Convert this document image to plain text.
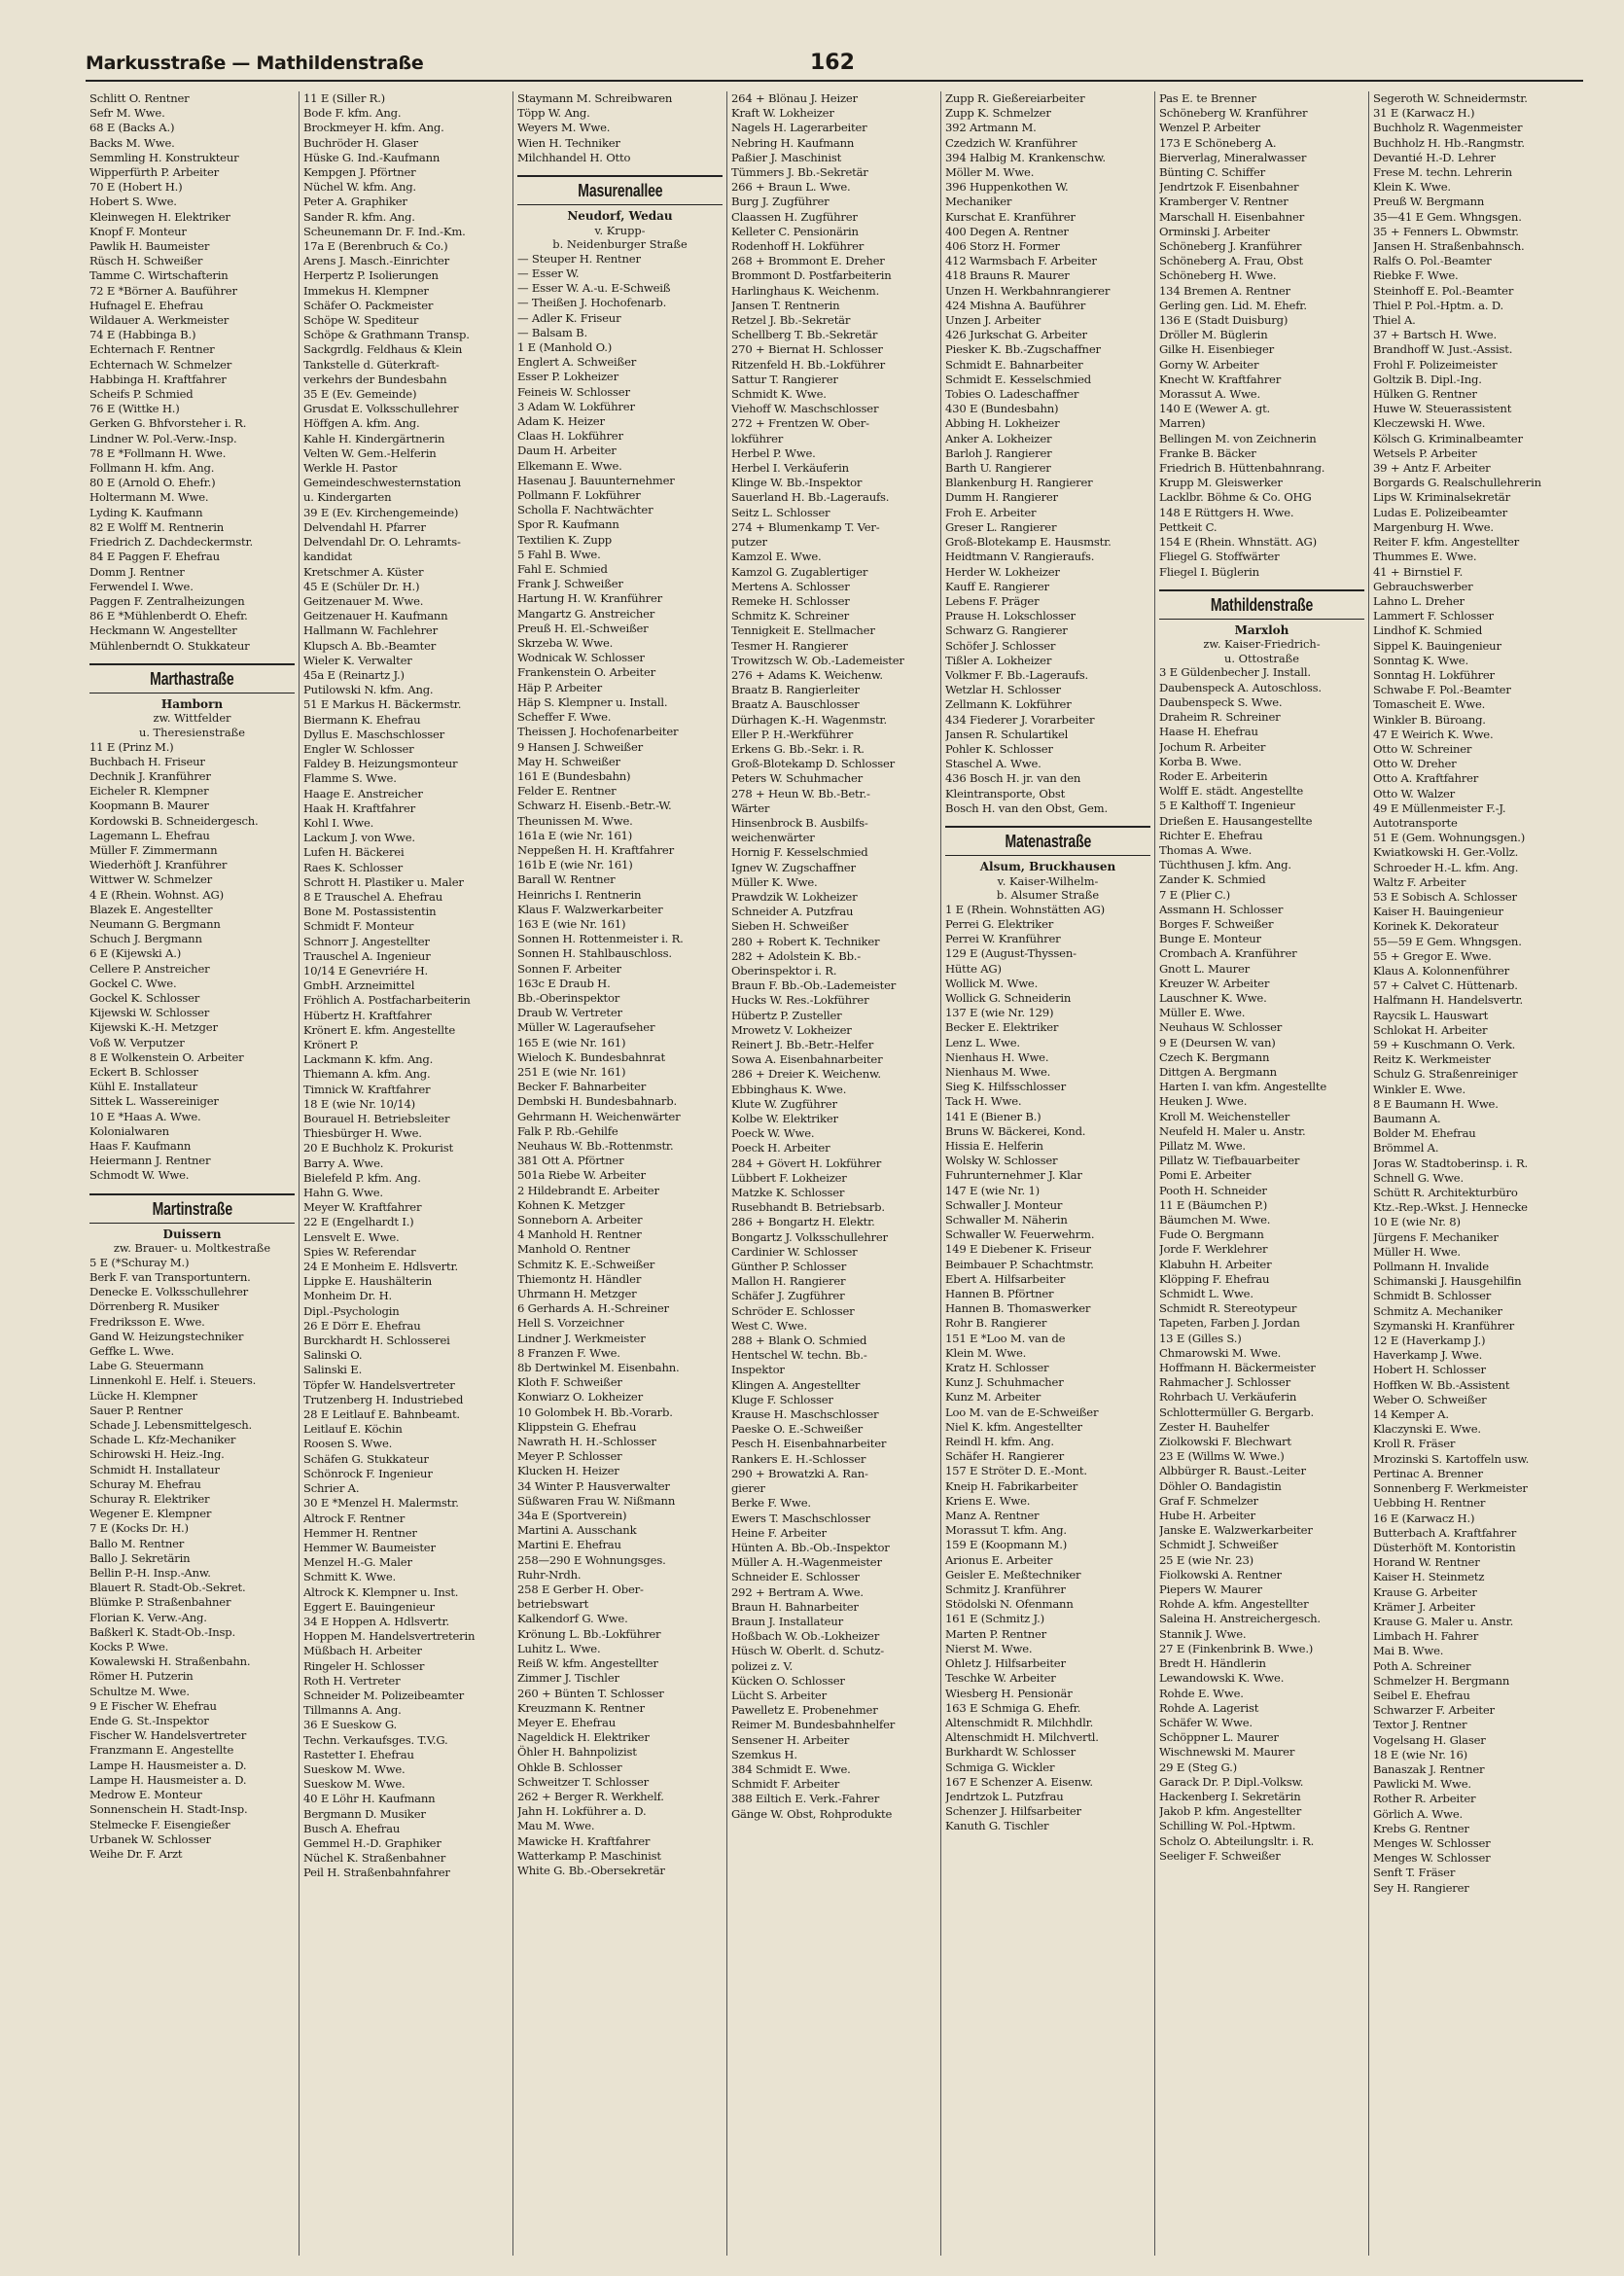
Markusstraße — Mathildenstraße	162
Schlitt O. Rentner
Sefr M. Wwe.
68 E (Backs A.)
Backs M. Wwe.
Semmling H. Konstrukteur
Wipperfürth P. Arbeiter
70 E (Hobert H.)
Hobert S. Wwe.
Kleinwegen H. Elektriker
Knopf F. Monteur
Pawlik H. Baumeister
Rüsch H. Schweißer
Tamme C. Wirtschafterin
72 E *Börner A. Bauführer
Hufnagel E. Ehefrau
Wildauer A. Werkmeister
74 E (Habbinga B.)
Echternach F. Rentner
Echternach W. Schmelzer
Habbinga H. Kraftfahrer
Scheifs P. Schmied
76 E (Wittke H.)
Gerken G. Bhfvorsteher i. R.
Lindner W. Pol.-Verw.-Insp.
78 E *Follmann H. Wwe.
Follmann H. kfm. Ang.
80 E (Arnold O. Ehefr.)
Holtermann M. Wwe.
Lyding K. Kaufmann
82 E Wolff M. Rentnerin
Friedrich Z. Dachdeckermstr.
84 E Paggen F. Ehefrau
Domm J. Rentner
Ferwendel I. Wwe.
Paggen F. Zentralheizungen
86 E *Mühlenberdt O. Ehefr.
Heckmann W. Angestellter
Mühlenberndt O. Stukkateur
Marthastraße
Hamborn
zw. Wittfelder
u. Theresienstraße
11 E (Prinz M.)
Buchbach H. Friseur
Dechnik J. Kranführer
Eicheler R. Klempner
Koopmann B. Maurer
Kordowski B. Schneidergesch.
Lagemann L. Ehefrau
Müller F. Zimmermann
Wiederhöft J. Kranführer
Wittwer W. Schmelzer
4 E (Rhein. Wohnst. AG)
Blazek E. Angestellter
Neumann G. Bergmann
Schuch J. Bergmann
6 E (Kijewski A.)
Cellere P. Anstreicher
Gockel C. Wwe.
Gockel K. Schlosser
Kijewski W. Schlosser
Kijewski K.-H. Metzger
Voß W. Verputzer
8 E Wolkenstein O. Arbeiter
Eckert B. Schlosser
Kühl E. Installateur
Sittek L. Wassereiniger
10 E *Haas A. Wwe.
Kolonialwaren
Haas F. Kaufmann
Heiermann J. Rentner
Schmodt W. Wwe.
Martinstraße
Duissern
zw. Brauer- u. Moltkestraße
5 E (*Schuray M.)
Berk F. van Transportuntern.
Denecke E. Volksschullehrer
Dörrenberg R. Musiker
Fredriksson E. Wwe.
Gand W. Heizungstechniker
Geffke L. Wwe.
Labe G. Steuermann
Linnenkohl E. Helf. i. Steuers.
Lücke H. Klempner
Sauer P. Rentner
Schade J. Lebensmittelgesch.
Schade L. Kfz-Mechaniker
Schirowski H. Heiz.-Ing.
Schmidt H. Installateur
Schuray M. Ehefrau
Schuray R. Elektriker
Wegener E. Klempner
7 E (Kocks Dr. H.)
Ballo M. Rentner
Ballo J. Sekretärin
Bellin P.-H. Insp.-Anw.
Blauert R. Stadt-Ob.-Sekret.
Blümke P. Straßenbahner
Florian K. Verw.-Ang.
Baßkerl K. Stadt-Ob.-Insp.
Kocks P. Wwe.
Kowalewski H. Straßenbahn.
Römer H. Putzerin
Schultze M. Wwe.
9 E Fischer W. Ehefrau
Ende G. St.-Inspektor
Fischer W. Handelsvertreter
Franzmann E. Angestellte
Lampe H. Hausmeister a. D.
Lampe H. Hausmeister a. D.
Medrow E. Monteur
Sonnenschein H. Stadt-Insp.
Stelmecke F. Eisengießer
Urbanek W. Schlosser
Weihe Dr. F. Arzt
11 E (Siller R.)
Bode F. kfm. Ang.
Brockmeyer H. kfm. Ang.
Buchröder H. Glaser
Hüske G. Ind.-Kaufmann
Kempgen J. Pförtner
Nüchel W. kfm. Ang.
Peter A. Graphiker
Sander R. kfm. Ang.
Scheunemann Dr. F. Ind.-Km.
17a E (Berenbruch & Co.)
Arens J. Masch.-Einrichter
Herpertz P. Isolierungen
Immekus H. Klempner
Schäfer O. Packmeister
Schöpe W. Spediteur
Schöpe & Grathmann Transp.
Sackgrdlg. Feldhaus & Klein
Tankstelle d. Güterkraft-
verkehrs der Bundesbahn
35 E (Ev. Gemeinde)
Grusdat E. Volksschullehrer
Höffgen A. kfm. Ang.
Kahle H. Kindergärtnerin
Velten W. Gem.-Helferin
Werkle H. Pastor
Gemeindeschwesternstation
u. Kindergarten
39 E (Ev. Kirchengemeinde)
Delvendahl H. Pfarrer
Delvendahl Dr. O. Lehramts-
kandidat
Kretschmer A. Küster
45 E (Schüler Dr. H.)
Geitzenauer M. Wwe.
Geitzenauer H. Kaufmann
Hallmann W. Fachlehrer
Klupsch A. Bb.-Beamter
Wieler K. Verwalter
45a E (Reinartz J.)
Putilowski N. kfm. Ang.
51 E Markus H. Bäckermstr.
Biermann K. Ehefrau
Dyllus E. Maschschlosser
Engler W. Schlosser
Faldey B. Heizungsmonteur
Flamme S. Wwe.
Haage E. Anstreicher
Haak H. Kraftfahrer
Kohl I. Wwe.
Lackum J. von Wwe.
Lufen H. Bäckerei
Raes K. Schlosser
Schrott H. Plastiker u. Maler
8 E Trauschel A. Ehefrau
Bone M. Postassistentin
Schmidt F. Monteur
Schnorr J. Angestellter
Trauschel A. Ingenieur
10/14 E Genevriére H.
GmbH. Arzneimittel
Fröhlich A. Postfacharbeiterin
Hübertz H. Kraftfahrer
Krönert E. kfm. Angestellte
Krönert P.
Lackmann K. kfm. Ang.
Thiemann A. kfm. Ang.
Timnick W. Kraftfahrer
18 E (wie Nr. 10/14)
Bourauel H. Betriebsleiter
Thiesbürger H. Wwe.
20 E Buchholz K. Prokurist
Barry A. Wwe.
Bielefeld P. kfm. Ang.
Hahn G. Wwe.
Meyer W. Kraftfahrer
22 E (Engelhardt I.)
Lensvelt E. Wwe.
Spies W. Referendar
24 E Monheim E. Hdlsvertr.
Lippke E. Haushälterin
Monheim Dr. H.
Dipl.-Psychologin
26 E Dörr E. Ehefrau
Burckhardt H. Schlosserei
Salinski O.
Salinski E.
Töpfer W. Handelsvertreter
Trutzenberg H. Industriebed
28 E Leitlauf E. Bahnbeamt.
Leitlauf E. Köchin
Roosen S. Wwe.
Schäfen G. Stukkateur
Schönrock F. Ingenieur
Schrier A.
30 E *Menzel H. Malermstr.
Altrock F. Rentner
Hemmer H. Rentner
Hemmer W. Baumeister
Menzel H.-G. Maler
Schmitt K. Wwe.
Altrock K. Klempner u. Inst.
Eggert E. Bauingenieur
34 E Hoppen A. Hdlsvertr.
Hoppen M. Handelsvertreterin
Müßbach H. Arbeiter
Ringeler H. Schlosser
Roth H. Vertreter
Schneider M. Polizeibeamter
Tillmanns A. Ang.
36 E Sueskow G.
Techn. Verkaufsges. T.V.G.
Rastetter I. Ehefrau
Sueskow M. Wwe.
Sueskow M. Wwe.
40 E Löhr H. Kaufmann
Bergmann D. Musiker
Busch A. Ehefrau
Gemmel H.-D. Graphiker
Nüchel K. Straßenbahner
Peil H. Straßenbahnfahrer
Staymann M. Schreibwaren
Töpp W. Ang.
Weyers M. Wwe.
Wien H. Techniker
Milchhandel H. Otto
Masurenallee
Neudorf, Wedau
v. Krupp-
b. Neidenburger Straße
— Steuper H. Rentner
— Esser W.
— Esser W. A.-u. E-Schweiß
— Theißen J. Hochofenarb.
— Adler K. Friseur
— Balsam B.
1 E (Manhold O.)
Englert A. Schweißer
Esser P. Lokheizer
Feineis W. Schlosser
3 Adam W. Lokführer
Adam K. Heizer
Claas H. Lokführer
Daum H. Arbeiter
Elkemann E. Wwe.
Hasenau J. Bauunternehmer
Pollmann F. Lokführer
Scholla F. Nachtwächter
Spor R. Kaufmann
Textilien K. Zupp
5 Fahl B. Wwe.
Fahl E. Schmied
Frank J. Schweißer
Hartung H. W. Kranführer
Mangartz G. Anstreicher
Preuß H. El.-Schweißer
Skrzeba W. Wwe.
Wodnicak W. Schlosser
Frankenstein O. Arbeiter
Häp P. Arbeiter
Häp S. Klempner u. Install.
Scheffer F. Wwe.
Theissen J. Hochofenarbeiter
9 Hansen J. Schweißer
May H. Schweißer
161 E (Bundesbahn)
Felder E. Rentner
Schwarz H. Eisenb.-Betr.-W.
Theunissen M. Wwe.
161a E (wie Nr. 161)
Neppeßen H. H. Kraftfahrer
161b E (wie Nr. 161)
Barall W. Rentner
Heinrichs I. Rentnerin
Klaus F. Walzwerkarbeiter
163 E (wie Nr. 161)
Sonnen H. Rottenmeister i. R.
Sonnen H. Stahlbauschloss.
Sonnen F. Arbeiter
163c E Draub H.
Bb.-Oberinspektor
Draub W. Vertreter
Müller W. Lageraufseher
165 E (wie Nr. 161)
Wieloch K. Bundesbahnrat
251 E (wie Nr. 161)
Becker F. Bahnarbeiter
Dembski H. Bundesbahnarb.
Gehrmann H. Weichenwärter
Falk P. Rb.-Gehilfe
Neuhaus W. Bb.-Rottenmstr.
381 Ott A. Pförtner
501a Riebe W. Arbeiter
2 Hildebrandt E. Arbeiter
Kohnen K. Metzger
Sonneborn A. Arbeiter
4 Manhold H. Rentner
Manhold O. Rentner
Schmitz K. E.-Schweißer
Thiemontz H. Händler
Uhrmann H. Metzger
6 Gerhards A. H.-Schreiner
Hell S. Vorzeichner
Lindner J. Werkmeister
8 Franzen F. Wwe.
8b Dertwinkel M. Eisenbahn.
Kloth F. Schweißer
Konwiarz O. Lokheizer
10 Golombek H. Bb.-Vorarb.
Klippstein G. Ehefrau
Nawrath H. H.-Schlosser
Meyer P. Schlosser
Klucken H. Heizer
34 Winter P. Hausverwalter
Süßwaren Frau W. Nißmann
34a E (Sportverein)
Martini A. Ausschank
Martini E. Ehefrau
258—290 E Wohnungsges.
Ruhr-Nrdh.
258 E Gerber H. Ober-
betriebswart
Kalkendorf G. Wwe.
Krönung L. Bb.-Lokführer
Luhitz L. Wwe.
Reiß W. kfm. Angestellter
Zimmer J. Tischler
260 + Bünten T. Schlosser
Kreuzmann K. Rentner
Meyer E. Ehefrau
Nageldick H. Elektriker
Öhler H. Bahnpolizist
Ohkle B. Schlosser
Schweitzer T. Schlosser
262 + Berger R. Werkhelf.
Jahn H. Lokführer a. D.
Mau M. Wwe.
Mawicke H. Kraftfahrer
Watterkamp P. Maschinist
White G. Bb.-Obersekretär
264 + Blönau J. Heizer
Kraft W. Lokheizer
Nagels H. Lagerarbeiter
Nebring H. Kaufmann
Paßier J. Maschinist
Tümmers J. Bb.-Sekretär
266 + Braun L. Wwe.
Burg J. Zugführer
Claassen H. Zugführer
Kelleter C. Pensionärin
Rodenhoff H. Lokführer
268 + Brommont E. Dreher
Brommont D. Postfarbeiterin
Harlinghaus K. Weichenm.
Jansen T. Rentnerin
Retzel J. Bb.-Sekretär
Schellberg T. Bb.-Sekretär
270 + Biernat H. Schlosser
Ritzenfeld H. Bb.-Lokführer
Sattur T. Rangierer
Schmidt K. Wwe.
Viehoff W. Maschschlosser
272 + Frentzen W. Ober-
lokführer
Herbel P. Wwe.
Herbel I. Verkäuferin
Klinge W. Bb.-Inspektor
Sauerland H. Bb.-Lageraufs.
Seitz L. Schlosser
274 + Blumenkamp T. Ver-
putzer
Kamzol E. Wwe.
Kamzol G. Zugablertiger
Mertens A. Schlosser
Remeke H. Schlosser
Schmitz K. Schreiner
Tennigkeit E. Stellmacher
Tesmer H. Rangierer
Trowitzsch W. Ob.-Lademeister
276 + Adams K. Weichenw.
Braatz B. Rangierleiter
Braatz A. Bauschlosser
Dürhagen K.-H. Wagenmstr.
Eller P. H.-Werkführer
Erkens G. Bb.-Sekr. i. R.
Groß-Blotekamp D. Schlosser
Peters W. Schuhmacher
278 + Heun W. Bb.-Betr.-
Wärter
Hinsenbrock B. Ausbilfs-
weichenwärter
Hornig F. Kesselschmied
Ignev W. Zugschaffner
Müller K. Wwe.
Prawdzik W. Lokheizer
Schneider A. Putzfrau
Sieben H. Schweißer
280 + Robert K. Techniker
282 + Adolstein K. Bb.-
Oberinspektor i. R.
Braun F. Bb.-Ob.-Lademeister
Hucks W. Res.-Lokführer
Hübertz P. Zusteller
Mrowetz V. Lokheizer
Reinert J. Bb.-Betr.-Helfer
Sowa A. Eisenbahnarbeiter
286 + Dreier K. Weichenw.
Ebbinghaus K. Wwe.
Klute W. Zugführer
Kolbe W. Elektriker
Poeck W. Wwe.
Poeck H. Arbeiter
284 + Gövert H. Lokführer
Lübbert F. Lokheizer
Matzke K. Schlosser
Rusebhandt B. Betriebsarb.
286 + Bongartz H. Elektr.
Bongartz J. Volksschullehrer
Cardinier W. Schlosser
Günther P. Schlosser
Mallon H. Rangierer
Schäfer J. Zugführer
Schröder E. Schlosser
West C. Wwe.
288 + Blank O. Schmied
Hentschel W. techn. Bb.-
Inspektor
Klingen A. Angestellter
Kluge F. Schlosser
Krause H. Maschschlosser
Paeske O. E.-Schweißer
Pesch H. Eisenbahnarbeiter
Rankers E. H.-Schlosser
290 + Browatzki A. Ran-
gierer
Berke F. Wwe.
Ewers T. Maschschlosser
Heine F. Arbeiter
Hünten A. Bb.-Ob.-Inspektor
Müller A. H.-Wagenmeister
Schneider E. Schlosser
292 + Bertram A. Wwe.
Braun H. Bahnarbeiter
Braun J. Installateur
Hoßbach W. Ob.-Lokheizer
Hüsch W. Oberlt. d. Schutz-
polizei z. V.
Kücken O. Schlosser
Lücht S. Arbeiter
Pawelletz E. Probenehmer
Reimer M. Bundesbahnhelfer
Sensener H. Arbeiter
Szemkus H.
384 Schmidt E. Wwe.
Schmidt F. Arbeiter
388 Eiltich E. Verk.-Fahrer
Gänge W. Obst, Rohprodukte
Zupp R. Gießereiarbeiter
Zupp K. Schmelzer
392 Artmann M.
Czedzich W. Kranführer
394 Halbig M. Krankenschw.
Möller M. Wwe.
396 Huppenkothen W.
Mechaniker
Kurschat E. Kranführer
400 Degen A. Rentner
406 Storz H. Former
412 Warmsbach F. Arbeiter
418 Brauns R. Maurer
Unzen H. Werkbahnrangierer
424 Mishna A. Bauführer
Unzen J. Arbeiter
426 Jurkschat G. Arbeiter
Piesker K. Bb.-Zugschaffner
Schmidt E. Bahnarbeiter
Schmidt E. Kesselschmied
Tobies O. Ladeschaffner
430 E (Bundesbahn)
Abbing H. Lokheizer
Anker A. Lokheizer
Barloh J. Rangierer
Barth U. Rangierer
Blankenburg H. Rangierer
Dumm H. Rangierer
Froh E. Arbeiter
Greser L. Rangierer
Groß-Blotekamp E. Hausmstr.
Heidtmann V. Rangieraufs.
Herder W. Lokheizer
Kauff E. Rangierer
Lebens F. Präger
Prause H. Lokschlosser
Schwarz G. Rangierer
Schöfer J. Schlosser
Tißler A. Lokheizer
Volkmer F. Bb.-Lageraufs.
Wetzlar H. Schlosser
Zellmann K. Lokführer
434 Fiederer J. Vorarbeiter
Jansen R. Schulartikel
Pohler K. Schlosser
Staschel A. Wwe.
436 Bosch H. jr. van den
Kleintransporte, Obst
Bosch H. van den Obst, Gem.
Matenastraße
Alsum, Bruckhausen
v. Kaiser-Wilhelm-
b. Alsumer Straße
1 E (Rhein. Wohnstätten AG)
Perrei G. Elektriker
Perrei W. Kranführer
129 E (August-Thyssen-
Hütte AG)
Wollick M. Wwe.
Wollick G. Schneiderin
137 E (wie Nr. 129)
Becker E. Elektriker
Lenz L. Wwe.
Nienhaus H. Wwe.
Nienhaus M. Wwe.
Sieg K. Hilfsschlosser
Tack H. Wwe.
141 E (Biener B.)
Bruns W. Bäckerei, Kond.
Hissia E. Helferin
Wolsky W. Schlosser
Fuhrunternehmer J. Klar
147 E (wie Nr. 1)
Schwaller J. Monteur
Schwaller M. Näherin
Schwaller W. Feuerwehrm.
149 E Diebener K. Friseur
Beimbauer P. Schachtmstr.
Ebert A. Hilfsarbeiter
Hannen B. Pförtner
Hannen B. Thomaswerker
Rohr B. Rangierer
151 E *Loo M. van de
Klein M. Wwe.
Kratz H. Schlosser
Kunz J. Schuhmacher
Kunz M. Arbeiter
Loo M. van de E-Schweißer
Niel K. kfm. Angestellter
Reindl H. kfm. Ang.
Schäfer H. Rangierer
157 E Ströter D. E.-Mont.
Kneip H. Fabrikarbeiter
Kriens E. Wwe.
Manz A. Rentner
Morassut T. kfm. Ang.
159 E (Koopmann M.)
Arionus E. Arbeiter
Geisler E. Meßtechniker
Schmitz J. Kranführer
Stödolski N. Ofenmann
161 E (Schmitz J.)
Marten P. Rentner
Nierst M. Wwe.
Ohletz J. Hilfsarbeiter
Teschke W. Arbeiter
Wiesberg H. Pensionär
163 E Schmiga G. Ehefr.
Altenschmidt R. Milchhdlr.
Altenschmidt H. Milchvertl.
Burkhardt W. Schlosser
Schmiga G. Wickler
167 E Schenzer A. Eisenw.
Jendrtzok L. Putzfrau
Schenzer J. Hilfsarbeiter
Kanuth G. Tischler
Pas E. te Brenner
Schöneberg W. Kranführer
Wenzel P. Arbeiter
173 E Schöneberg A.
Bierverlag, Mineralwasser
Bünting C. Schiffer
Jendrtzok F. Eisenbahner
Kramberger V. Rentner
Marschall H. Eisenbahner
Orminski J. Arbeiter
Schöneberg J. Kranführer
Schöneberg A. Frau, Obst
Schöneberg H. Wwe.
134 Bremen A. Rentner
Gerling gen. Lid. M. Ehefr.
136 E (Stadt Duisburg)
Dröller M. Büglerin
Gilke H. Eisenbieger
Gorny W. Arbeiter
Knecht W. Kraftfahrer
Morassut A. Wwe.
140 E (Wewer A. gt.
Marren)
Bellingen M. von Zeichnerin
Franke B. Bäcker
Friedrich B. Hüttenbahnrang.
Krupp M. Gleiswerker
Lacklbr. Böhme & Co. OHG
148 E Rüttgers H. Wwe.
Pettkeit C.
154 E (Rhein. Whnstätt. AG)
Fliegel G. Stoffwärter
Fliegel I. Büglerin
Mathildenstraße
Marxloh
zw. Kaiser-Friedrich-
u. Ottostraße
3 E Güldenbecher J. Install.
Daubenspeck A. Autoschloss.
Daubenspeck S. Wwe.
Draheim R. Schreiner
Haase H. Ehefrau
Jochum R. Arbeiter
Korba B. Wwe.
Roder E. Arbeiterin
Wolff E. städt. Angestellte
5 E Kalthoff T. Ingenieur
Drießen E. Hausangestellte
Richter E. Ehefrau
Thomas A. Wwe.
Tüchthusen J. kfm. Ang.
Zander K. Schmied
7 E (Plier C.)
Assmann H. Schlosser
Borges F. Schweißer
Bunge E. Monteur
Crombach A. Kranführer
Gnott L. Maurer
Kreuzer W. Arbeiter
Lauschner K. Wwe.
Müller E. Wwe.
Neuhaus W. Schlosser
9 E (Deursen W. van)
Czech K. Bergmann
Dittgen A. Bergmann
Harten I. van kfm. Angestellte
Heuken J. Wwe.
Kroll M. Weichensteller
Neufeld H. Maler u. Anstr.
Pillatz M. Wwe.
Pillatz W. Tiefbauarbeiter
Pomi E. Arbeiter
Pooth H. Schneider
11 E (Bäumchen P.)
Bäumchen M. Wwe.
Fude O. Bergmann
Jorde F. Werklehrer
Klabuhn H. Arbeiter
Klöpping F. Ehefrau
Schmidt L. Wwe.
Schmidt R. Stereotypeur
Tapeten, Farben J. Jordan
13 E (Gilles S.)
Chmarowski M. Wwe.
Hoffmann H. Bäckermeister
Rahmacher J. Schlosser
Rohrbach U. Verkäuferin
Schlottermüller G. Bergarb.
Zester H. Bauhelfer
Ziolkowski F. Blechwart
23 E (Willms W. Wwe.)
Albbürger R. Baust.-Leiter
Döhler O. Bandagistin
Graf F. Schmelzer
Hube H. Arbeiter
Janske E. Walzwerkarbeiter
Schmidt J. Schweißer
25 E (wie Nr. 23)
Fiolkowski A. Rentner
Piepers W. Maurer
Rohde A. kfm. Angestellter
Saleina H. Anstreichergesch.
Stannik J. Wwe.
27 E (Finkenbrink B. Wwe.)
Bredt H. Händlerin
Lewandowski K. Wwe.
Rohde E. Wwe.
Rohde A. Lagerist
Schäfer W. Wwe.
Schöppner L. Maurer
Wischnewski M. Maurer
29 E (Steg G.)
Garack Dr. P. Dipl.-Volksw.
Hackenberg I. Sekretärin
Jakob P. kfm. Angestellter
Schilling W. Pol.-Hptwm.
Scholz O. Abteilungsltr. i. R.
Seeliger F. Schweißer
Segeroth W. Schneidermstr.
31 E (Karwacz H.)
Buchholz R. Wagenmeister
Buchholz H. Hb.-Rangmstr.
Devantié H.-D. Lehrer
Frese M. techn. Lehrerin
Klein K. Wwe.
Preuß W. Bergmann
35—41 E Gem. Whngsgen.
35 + Fenners L. Obwmstr.
Jansen H. Straßenbahnsch.
Ralfs O. Pol.-Beamter
Riebke F. Wwe.
Steinhoff E. Pol.-Beamter
Thiel P. Pol.-Hptm. a. D.
Thiel A.
37 + Bartsch H. Wwe.
Brandhoff W. Just.-Assist.
Frohl F. Polizeimeister
Goltzik B. Dipl.-Ing.
Hülken G. Rentner
Huwe W. Steuerassistent
Kleczewski H. Wwe.
Kölsch G. Kriminalbeamter
Wetsels P. Arbeiter
39 + Antz F. Arbeiter
Borgards G. Realschullehrerin
Lips W. Kriminalsekretär
Ludas E. Polizeibeamter
Margenburg H. Wwe.
Reiter F. kfm. Angestellter
Thummes E. Wwe.
41 + Birnstiel F.
Gebrauchswerber
Lahno L. Dreher
Lammert F. Schlosser
Lindhof K. Schmied
Sippel K. Bauingenieur
Sonntag K. Wwe.
Sonntag H. Lokführer
Schwabe F. Pol.-Beamter
Tomascheit E. Wwe.
Winkler B. Büroang.
47 E Weirich K. Wwe.
Otto W. Schreiner
Otto W. Dreher
Otto A. Kraftfahrer
Otto W. Walzer
49 E Müllenmeister F.-J.
Autotransporte
51 E (Gem. Wohnungsgen.)
Kwiatkowski H. Ger.-Vollz.
Schroeder H.-L. kfm. Ang.
Waltz F. Arbeiter
53 E Sobisch A. Schlosser
Kaiser H. Bauingenieur
Korinek K. Dekorateur
55—59 E Gem. Whngsgen.
55 + Gregor E. Wwe.
Klaus A. Kolonnenführer
57 + Calvet C. Hüttenarb.
Halfmann H. Handelsvertr.
Raycsik L. Hauswart
Schlokat H. Arbeiter
59 + Kuschmann O. Verk.
Reitz K. Werkmeister
Schulz G. Straßenreiniger
Winkler E. Wwe.
8 E Baumann H. Wwe.
Baumann A.
Bolder M. Ehefrau
Brömmel A.
Joras W. Stadtoberinsp. i. R.
Schnell G. Wwe.
Schütt R. Architekturbüro
Ktz.-Rep.-Wkst. J. Hennecke
10 E (wie Nr. 8)
Jürgens F. Mechaniker
Müller H. Wwe.
Pollmann H. Invalide
Schimanski J. Hausgehilfin
Schmidt B. Schlosser
Schmitz A. Mechaniker
Szymanski H. Kranführer
12 E (Haverkamp J.)
Haverkamp J. Wwe.
Hobert H. Schlosser
Hoffken W. Bb.-Assistent
Weber O. Schweißer
14 Kemper A.
Klaczynski E. Wwe.
Kroll R. Fräser
Mrozinski S. Kartoffeln usw.
Pertinac A. Brenner
Sonnenberg F. Werkmeister
Uebbing H. Rentner
16 E (Karwacz H.)
Butterbach A. Kraftfahrer
Düsterhöft M. Kontoristin
Horand W. Rentner
Kaiser H. Steinmetz
Krause G. Arbeiter
Krämer J. Arbeiter
Krause G. Maler u. Anstr.
Limbach H. Fahrer
Mai B. Wwe.
Poth A. Schreiner
Schmelzer H. Bergmann
Seibel E. Ehefrau
Schwarzer F. Arbeiter
Textor J. Rentner
Vogelsang H. Glaser
18 E (wie Nr. 16)
Banaszak J. Rentner
Pawlicki M. Wwe.
Rother R. Arbeiter
Görlich A. Wwe.
Krebs G. Rentner
Menges W. Schlosser
Menges W. Schlosser
Senft T. Fräser
Sey H. Rangierer
